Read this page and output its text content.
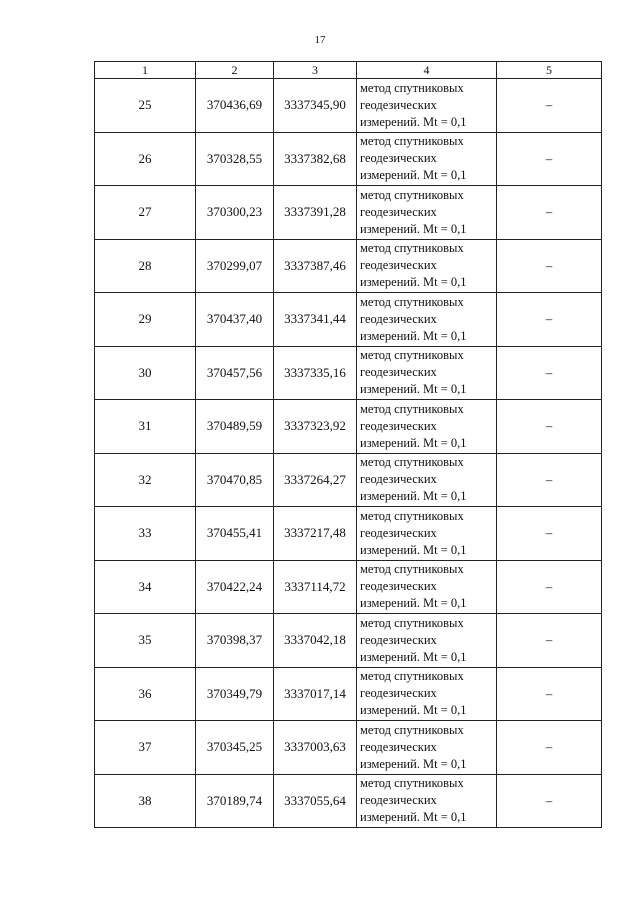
17
1	2	3	4	5
25	370436,69	3337345,90	метод спутниковых
геодезических
измерений. Mt = 0,1	–
26	370328,55	3337382,68	метод спутниковых
геодезических
измерений. Mt = 0,1	–
27	370300,23	3337391,28	метод спутниковых
геодезических
измерений. Mt = 0,1	–
28	370299,07	3337387,46	метод спутниковых
геодезических
измерений. Mt = 0,1	–
29	370437,40	3337341,44	метод спутниковых
геодезических
измерений. Mt = 0,1	–
30	370457,56	3337335,16	метод спутниковых
геодезических
измерений. Mt = 0,1	–
31	370489,59	3337323,92	метод спутниковых
геодезических
измерений. Mt = 0,1	–
32	370470,85	3337264,27	метод спутниковых
геодезических
измерений. Mt = 0,1	–
33	370455,41	3337217,48	метод спутниковых
геодезических
измерений. Mt = 0,1	–
34	370422,24	3337114,72	метод спутниковых
геодезических
измерений. Mt = 0,1	–
35	370398,37	3337042,18	метод спутниковых
геодезических
измерений. Mt = 0,1	–
36	370349,79	3337017,14	метод спутниковых
геодезических
измерений. Mt = 0,1	–
37	370345,25	3337003,63	метод спутниковых
геодезических
измерений. Mt = 0,1	–
38	370189,74	3337055,64	метод спутниковых
геодезических
измерений. Mt = 0,1	–
